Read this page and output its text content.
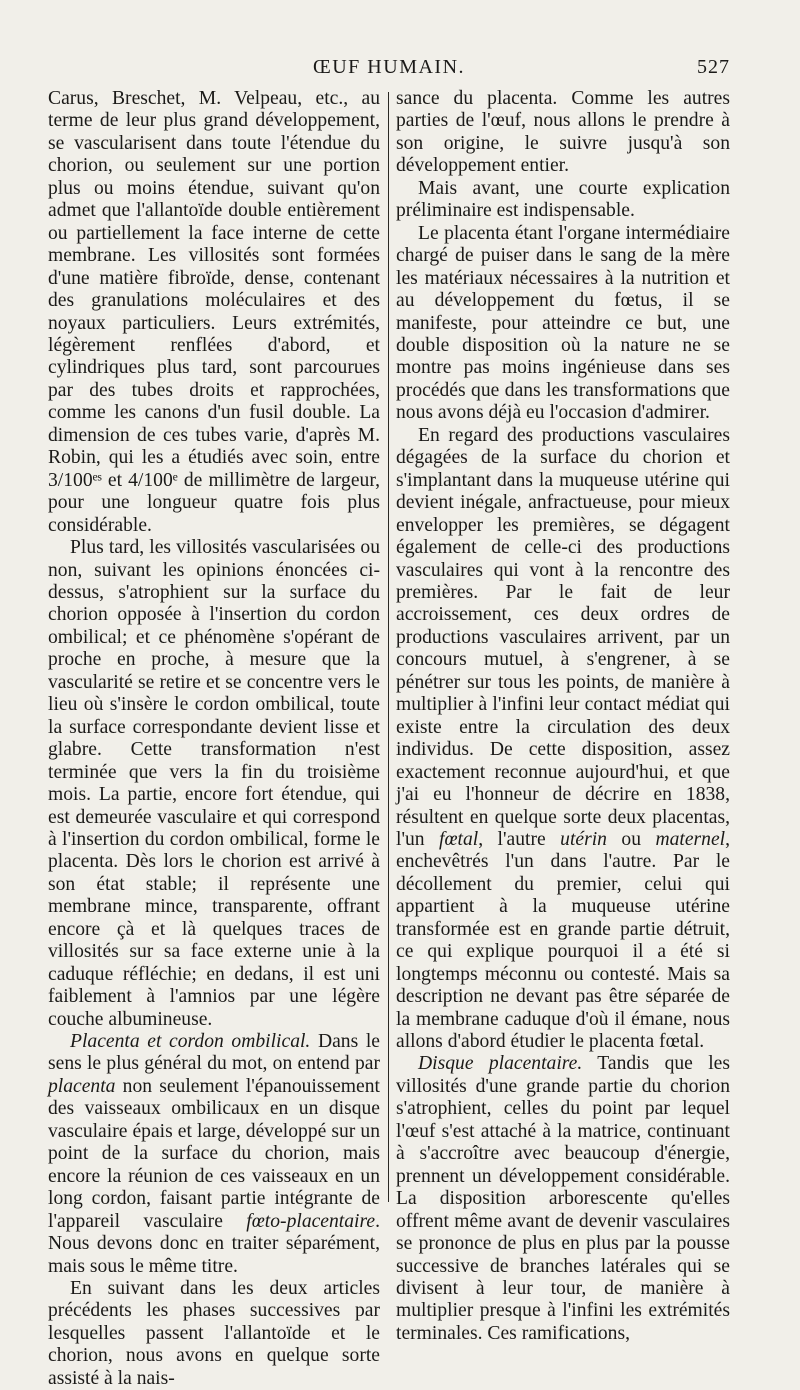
ŒUF HUMAIN.	527

Carus, Breschet, M. Velpeau, etc., au terme de leur plus grand développement, se vascularisent dans toute l'étendue du chorion, ou seulement sur une portion plus ou moins étendue, suivant qu'on admet que l'allantoïde double entièrement ou partiellement la face interne de cette membrane. Les villosités sont formées d'une matière fibroïde, dense, contenant des granulations moléculaires et des noyaux particuliers. Leurs extrémités, légèrement renflées d'abord, et cylindriques plus tard, sont parcourues par des tubes droits et rapprochées, comme les canons d'un fusil double. La dimension de ces tubes varie, d'après M. Robin, qui les a étudiés avec soin, entre 3/100ᵉˢ et 4/100ᵉ de millimètre de largeur, pour une longueur quatre fois plus considérable.

Plus tard, les villosités vascularisées ou non, suivant les opinions énoncées ci-dessus, s'atrophient sur la surface du chorion opposée à l'insertion du cordon ombilical; et ce phénomène s'opérant de proche en proche, à mesure que la vascularité se retire et se concentre vers le lieu où s'insère le cordon ombilical, toute la surface correspondante devient lisse et glabre. Cette transformation n'est terminée que vers la fin du troisième mois. La partie, encore fort étendue, qui est demeurée vasculaire et qui correspond à l'insertion du cordon ombilical, forme le placenta. Dès lors le chorion est arrivé à son état stable; il représente une membrane mince, transparente, offrant encore çà et là quelques traces de villosités sur sa face externe unie à la caduque réfléchie; en dedans, il est uni faiblement à l'amnios par une légère couche albumineuse.

Placenta et cordon ombilical. Dans le sens le plus général du mot, on entend par placenta non seulement l'épanouissement des vaisseaux ombilicaux en un disque vasculaire épais et large, développé sur un point de la surface du chorion, mais encore la réunion de ces vaisseaux en un long cordon, faisant partie intégrante de l'appareil vasculaire fœto-placentaire. Nous devons donc en traiter séparément, mais sous le même titre.

En suivant dans les deux articles précédents les phases successives par lesquelles passent l'allantoïde et le chorion, nous avons en quelque sorte assisté à la nais-

sance du placenta. Comme les autres parties de l'œuf, nous allons le prendre à son origine, le suivre jusqu'à son développement entier.

Mais avant, une courte explication préliminaire est indispensable.

Le placenta étant l'organe intermédiaire chargé de puiser dans le sang de la mère les matériaux nécessaires à la nutrition et au développement du fœtus, il se manifeste, pour atteindre ce but, une double disposition où la nature ne se montre pas moins ingénieuse dans ses procédés que dans les transformations que nous avons déjà eu l'occasion d'admirer.

En regard des productions vasculaires dégagées de la surface du chorion et s'implantant dans la muqueuse utérine qui devient inégale, anfractueuse, pour mieux envelopper les premières, se dégagent également de celle-ci des productions vasculaires qui vont à la rencontre des premières. Par le fait de leur accroissement, ces deux ordres de productions vasculaires arrivent, par un concours mutuel, à s'engrener, à se pénétrer sur tous les points, de manière à multiplier à l'infini leur contact médiat qui existe entre la circulation des deux individus. De cette disposition, assez exactement reconnue aujourd'hui, et que j'ai eu l'honneur de décrire en 1838, résultent en quelque sorte deux placentas, l'un fœtal, l'autre utérin ou maternel, enchevêtrés l'un dans l'autre. Par le décollement du premier, celui qui appartient à la muqueuse utérine transformée est en grande partie détruit, ce qui explique pourquoi il a été si longtemps méconnu ou contesté. Mais sa description ne devant pas être séparée de la membrane caduque d'où il émane, nous allons d'abord étudier le placenta fœtal.

Disque placentaire. Tandis que les villosités d'une grande partie du chorion s'atrophient, celles du point par lequel l'œuf s'est attaché à la matrice, continuant à s'accroître avec beaucoup d'énergie, prennent un développement considérable. La disposition arborescente qu'elles offrent même avant de devenir vasculaires se prononce de plus en plus par la pousse successive de branches latérales qui se divisent à leur tour, de manière à multiplier presque à l'infini les extrémités terminales. Ces ramifications,
